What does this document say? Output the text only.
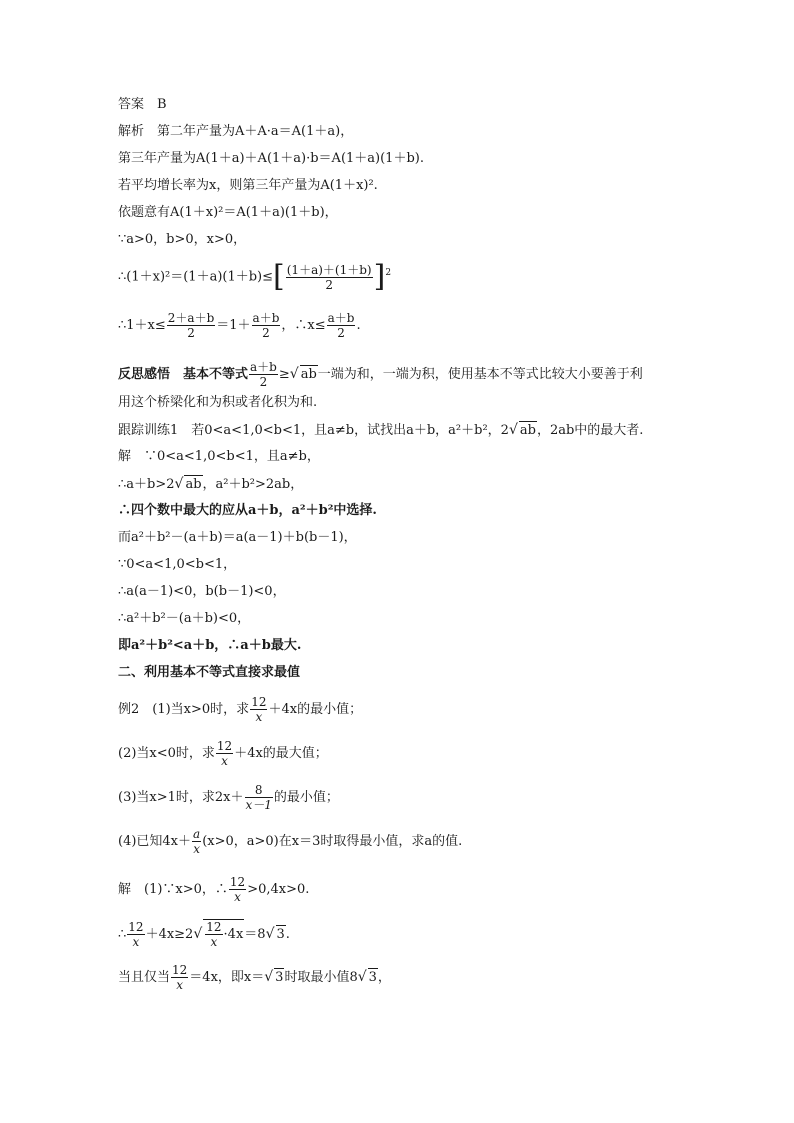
答案　B
解析　第二年产量为A＋A·a＝A(1＋a)，
第三年产量为A(1＋a)＋A(1＋a)·b＝A(1＋a)(1＋b).
若平均增长率为x，则第三年产量为A(1＋x)².
依题意有A(1＋x)²＝A(1＋a)(1＋b)，
∵a>0，b>0，x>0，
∴(1＋x)²＝(1＋a)(1＋b)≤[ $\frac{(1+a)+(1+b)}{2} ]^2$
∴1＋x≤ $\frac{2+a+b}{2} =1+ \frac{a+b}{2}$ ，∴x≤ $\frac{a+b}{2}$ .
反思感悟　基本不等式 $\frac{a+b}{2}$ ≥√ ab一端为和，一端为积，使用基本不等式比较大小要善于利
用这个桥梁化和为积或者化积为和.
跟踪训练1　若0<a<1,0<b<1，且a≠b，试找出a＋b，a²＋b²，2√ ab，2ab中的最大者.
解　∵0<a<1,0<b<1，且a≠b，
∴a＋b>2√ ab，a²＋b²>2ab，
∴四个数中最大的应从a＋b，a²＋b²中选择.
而a²＋b²－(a＋b)＝a(a－1)＋b(b－1)，
∵0<a<1,0<b<1，
∴a(a－1)<0，b(b－1)<0，
∴a²＋b²－(a＋b)<0，
即a²＋b²<a＋b，∴a＋b最大.
二、利用基本不等式直接求最值
例2　(1)当x>0时，求 $\frac{12}{x} +4x$的最小值；
(2)当x<0时，求 $\frac{12}{x} +4x$的最大值；
(3)当x>1时，求$2x+ \frac{8}{x-1}$ 的最小值；
(4)已知$4x+ \frac{a}{x} (x>0$，a>0)在x＝3时取得最小值，求a的值.
解　(1)∵x>0，∴ $\frac{12}{x} >0,4x>0$.
∴ $\frac{12}{x} +4x\ge 2√ \frac{12}{x} \cdot 4x=8√$ 3.
当且仅当 $\frac{12}{x} =4x$，即x＝√ 3时取最小值8√ 3，
